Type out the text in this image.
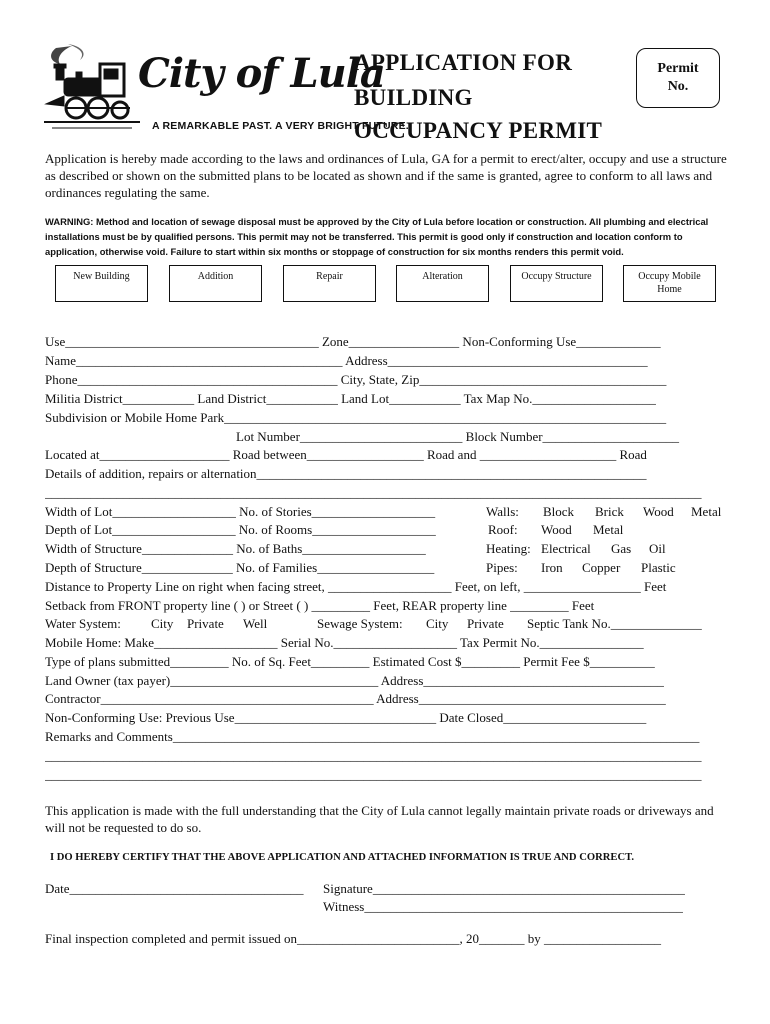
City of Lula
A REMARKABLE PAST. A VERY BRIGHT FUTURE.
APPLICATION FOR
BUILDING
OCCUPANCY PERMIT
Permit
No.
Application is hereby made according to the laws and ordinances of Lula, GA for a permit to erect/alter, occupy and use a structure as described or shown on the submitted plans to be located as shown and if the same is granted, agree to conform to all laws and ordinances regulating the same.
WARNING: Method and location of sewage disposal must be approved by the City of Lula before location or construction. All plumbing and electrical installations must be by qualified persons. This permit may not be transferred. This permit is good only if construction and location conform to application, otherwise void. Failure to start within six months or stoppage of construction for six months renders this permit void.
New Building	Addition	Repair	Alteration	Occupy Structure	Occupy Mobile Home
Use_______________________________________ Zone_________________ Non-Conforming Use_____________
Name_________________________________________ Address________________________________________
Phone________________________________________ City, State, Zip______________________________________
Militia District___________ Land District___________ Land Lot___________ Tax Map No.___________________
Subdivision or Mobile Home Park____________________________________________________________________
Lot Number_________________________ Block Number_____________________
Located at____________________ Road between__________________ Road and _____________________ Road
Details of addition, repairs or alternation____________________________________________________________
_____________________________________________________________________________________________________
Width of Lot___________________ No. of Stories___________________	Walls: Block Brick Wood Metal
Depth of Lot___________________ No. of Rooms___________________	Roof: Wood Metal
Width of Structure______________ No. of Baths___________________	Heating: Electrical Gas Oil
Depth of Structure______________ No. of Families__________________	Pipes: Iron Copper Plastic
Distance to Property Line on right when facing street, ___________________ Feet, on left, __________________ Feet
Setback from FRONT property line ( ) or Street ( ) _________ Feet, REAR property line _________ Feet
Water System: City Private Well	Sewage System: City Private Septic Tank No.______________
Mobile Home: Make___________________ Serial No.___________________ Tax Permit No.________________
Type of plans submitted_________ No. of Sq. Feet_________ Estimated Cost $_________ Permit Fee $__________
Land Owner (tax payer)________________________________ Address_____________________________________
Contractor__________________________________________ Address______________________________________
Non-Conforming Use: Previous Use_______________________________ Date Closed______________________
Remarks and Comments_________________________________________________________________________________
_____________________________________________________________________________________________________
_____________________________________________________________________________________________________
This application is made with the full understanding that the City of Lula cannot legally maintain private roads or driveways and will not be requested to do so.
I DO HEREBY CERTIFY THAT THE ABOVE APPLICATION AND ATTACHED INFORMATION IS TRUE AND CORRECT.
Date____________________________________ Signature________________________________________________
Witness_________________________________________________
Final inspection completed and permit issued on_________________________, 20_______ by __________________
